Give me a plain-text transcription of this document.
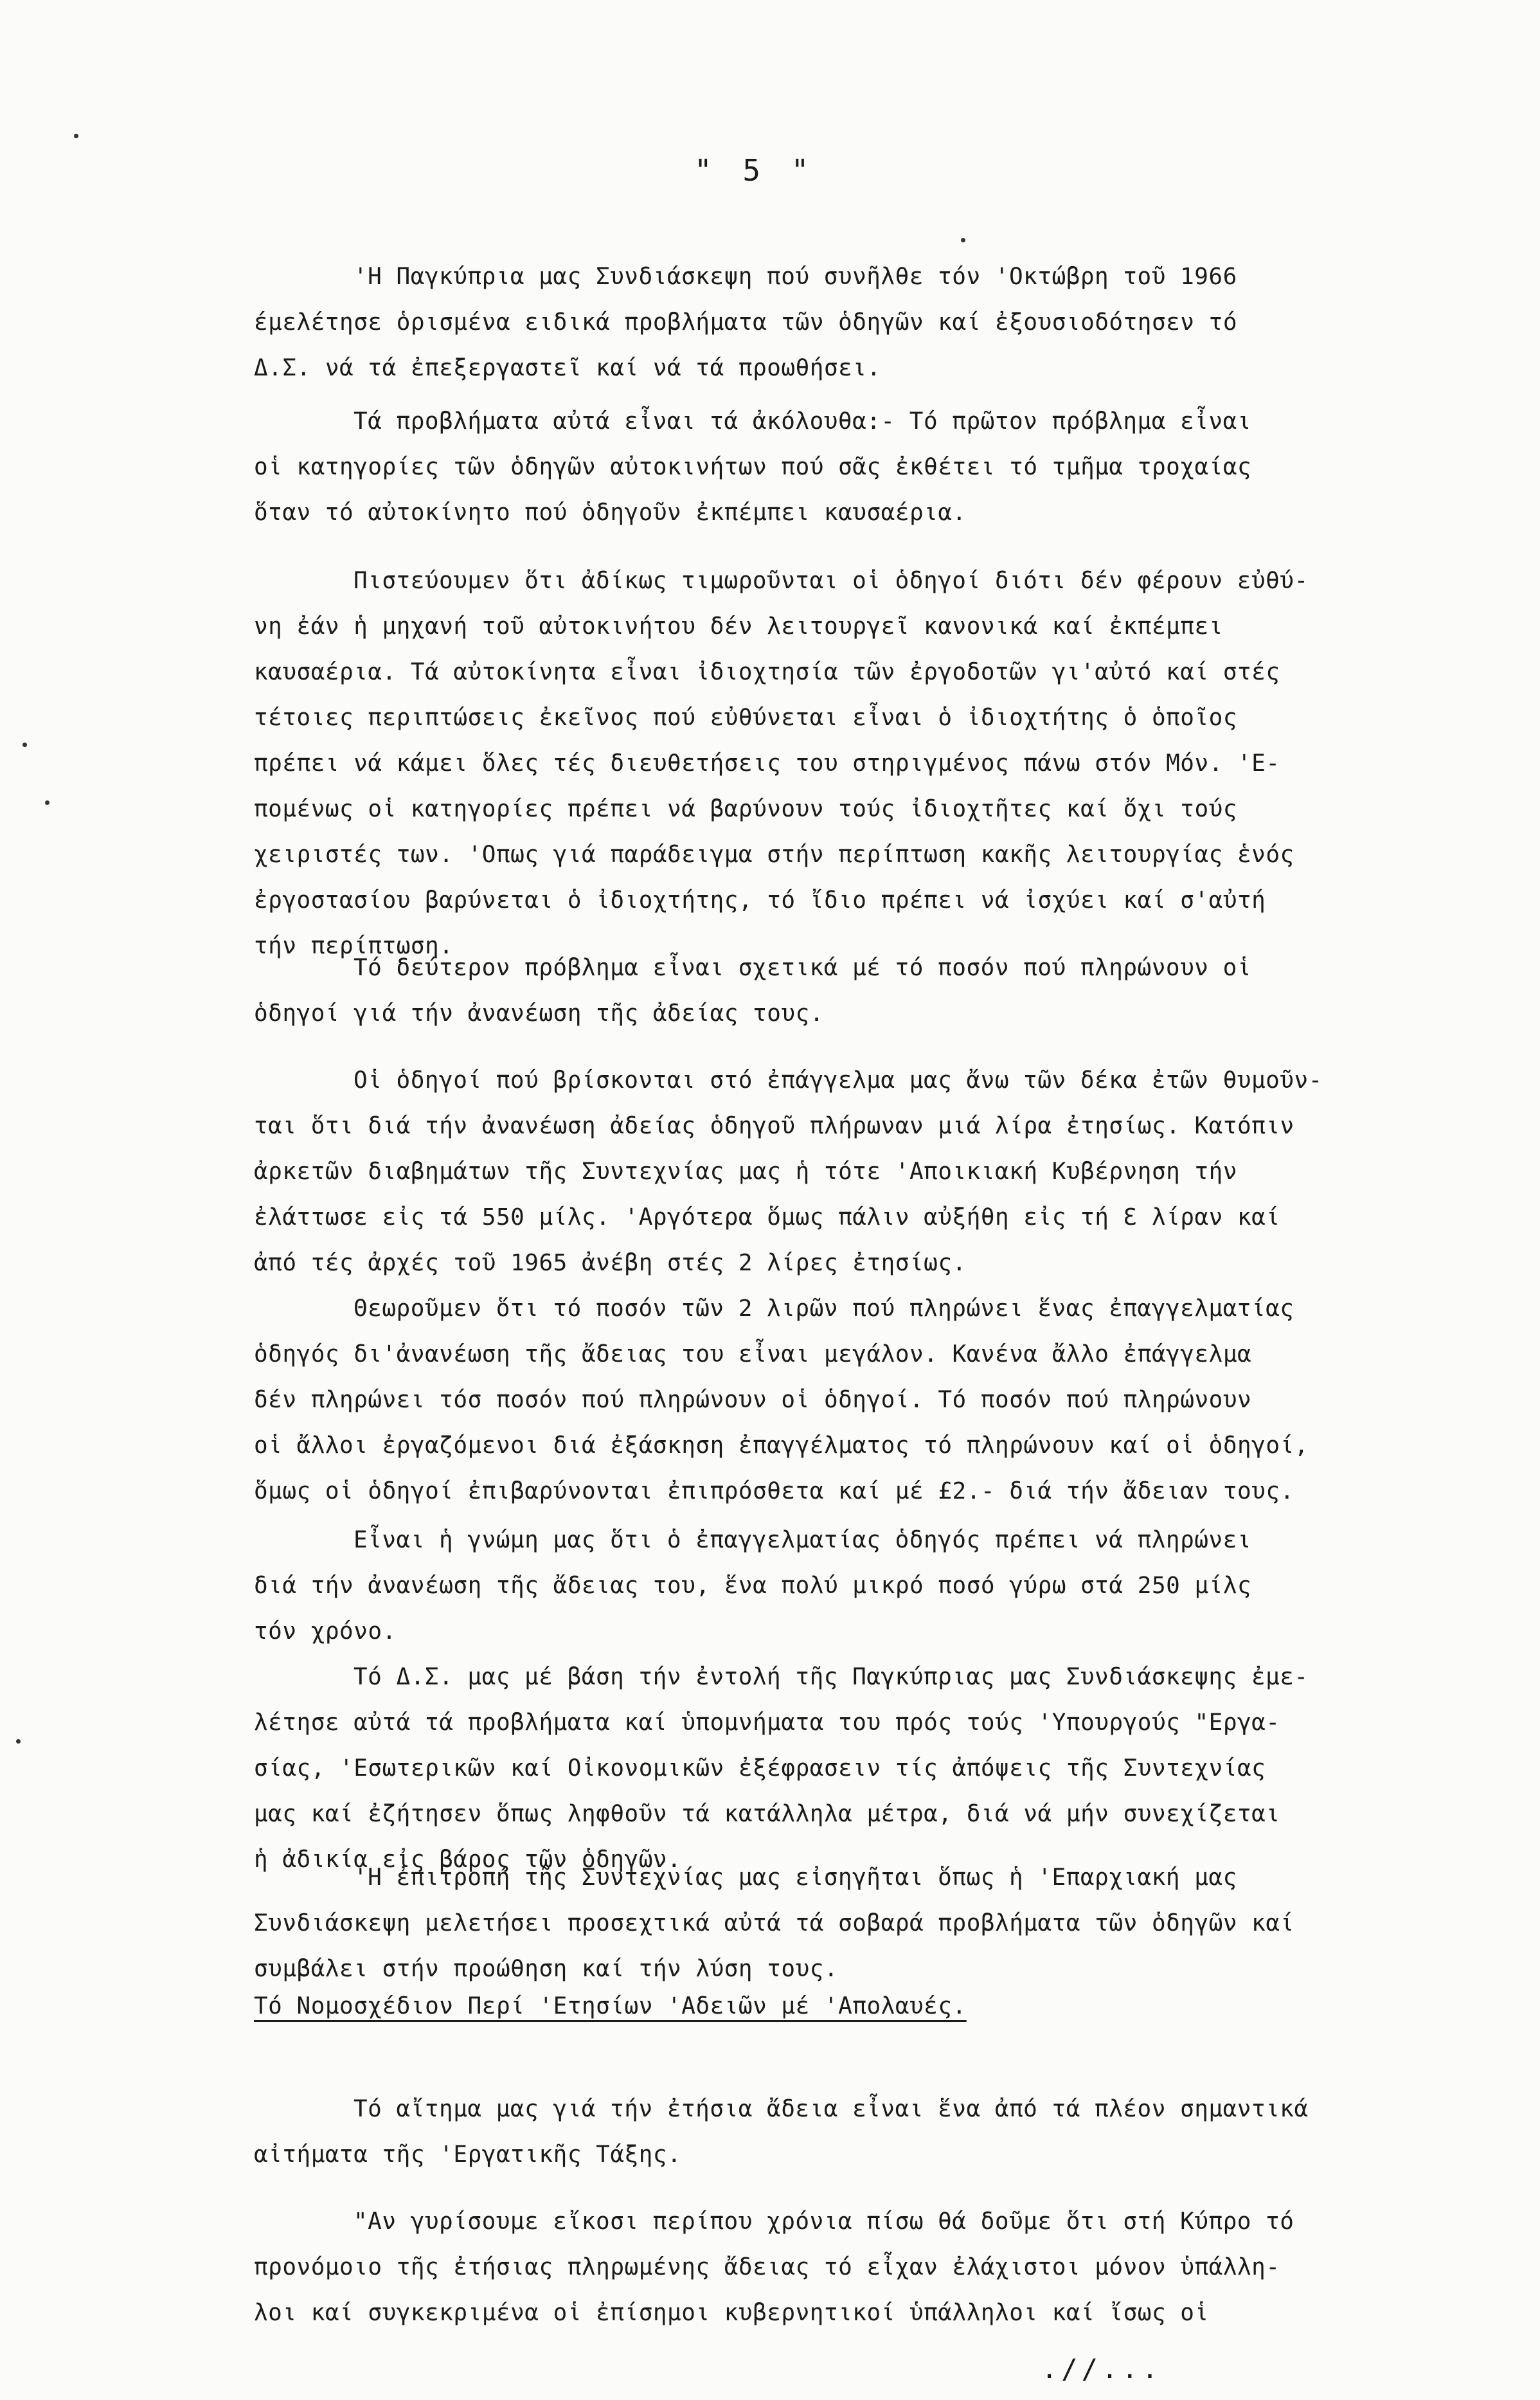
" 5 "
'Η Παγκύπρια μας Συνδιάσκεψη πού συνῆλθε τόν 'Οκτώβρη τοῦ 1966
έμελέτησε ὁρισμένα ειδικά προβλήματα τῶν ὁδηγῶν καί ἐξουσιοδότησεν τό
Δ.Σ. νά τά ἐπεξεργαστεῖ καί νά τά προωθήσει.
Τά προβλήματα αὐτά εἶναι τά ἀκόλουθα:- Τό πρῶτον πρόβλημα εἶναι
οἱ κατηγορίες τῶν ὁδηγῶν αὐτοκινήτων πού σᾶς ἐκθέτει τό τμῆμα τροχαίας
ὅταν τό αὐτοκίνητο πού ὁδηγοῦν ἐκπέμπει καυσαέρια.
Πιστεύουμεν ὅτι ἀδίκως τιμωροῦνται οἱ ὁδηγοί διότι δέν φέρουν εὐθύ-
νη ἐάν ἡ μηχανή τοῦ αὐτοκινήτου δέν λειτουργεῖ κανονικά καί ἐκπέμπει
καυσαέρια. Τά αὐτοκίνητα εἶναι ἰδιοχτησία τῶν ἐργοδοτῶν γι'αὐτό καί στές
τέτοιες περιπτώσεις ἐκεῖνος πού εὐθύνεται εἶναι ὁ ἰδιοχτήτης ὁ ὁποῖος
πρέπει νά κάμει ὅλες τές διευθετήσεις του στηριγμένος πάνω στόν Μόν. 'Ε-
πομένως οἱ κατηγορίες πρέπει νά βαρύνουν τούς ἰδιοχτῆτες καί ὄχι τούς
χειριστές των. 'Οπως γιά παράδειγμα στήν περίπτωση κακῆς λειτουργίας ἑνός
ἐργοστασίου βαρύνεται ὁ ἰδιοχτήτης, τό ἴδιο πρέπει νά ἰσχύει καί σ'αὐτή
τήν περίπτωση.
Τό δεύτερον πρόβλημα εἶναι σχετικά μέ τό ποσόν πού πληρώνουν οἱ
ὁδηγοί γιά τήν ἀνανέωση τῆς ἀδείας τους.
Οἱ ὁδηγοί πού βρίσκονται στό ἐπάγγελμα μας ἄνω τῶν δέκα ἐτῶν θυμοῦν-
ται ὅτι διά τήν ἀνανέωση ἀδείας ὁδηγοῦ πλήρωναν μιά λίρα ἐτησίως. Κατόπιν
ἀρκετῶν διαβημάτων τῆς Συντεχνίας μας ἡ τότε 'Αποικιακή Κυβέρνηση τήν
ἐλάττωσε εἰς τά 550 μίλς. 'Αργότερα ὅμως πάλιν αὐξήθη εἰς τή Ɛ λίραν καί
ἀπό τές ἀρχές τοῦ 1965 ἀνέβη στές 2 λίρες ἐτησίως.
Θεωροῦμεν ὅτι τό ποσόν τῶν 2 λιρῶν πού πληρώνει ἕνας ἐπαγγελματίας
ὁδηγός δι'ἀνανέωση τῆς ἄδειας του εἶναι μεγάλον. Κανένα ἄλλο ἐπάγγελμα
δέν πληρώνει τόσ ποσόν πού πληρώνουν οἱ ὁδηγοί. Τό ποσόν πού πληρώνουν
οἱ ἄλλοι ἐργαζόμενοι διά ἐξάσκηση ἐπαγγέλματος τό πληρώνουν καί οἱ ὁδηγοί,
ὅμως οἱ ὁδηγοί ἐπιβαρύνονται ἐπιπρόσθετα καί μέ £2.- διά τήν ἄδειαν τους.
Εἶναι ἡ γνώμη μας ὅτι ὁ ἐπαγγελματίας ὁδηγός πρέπει νά πληρώνει
διά τήν ἀνανέωση τῆς ἄδειας του, ἕνα πολύ μικρό ποσό γύρω στά 250 μίλς
τόν χρόνο.
Τό Δ.Σ. μας μέ βάση τήν ἐντολή τῆς Παγκύπριας μας Συνδιάσκεψης ἐμε-
λέτησε αὐτά τά προβλήματα καί ὑπομνήματα του πρός τούς 'Υπουργούς "Εργα-
σίας, 'Εσωτερικῶν καί Οἰκονομικῶν ἐξέφρασειν τίς ἀπόψεις τῆς Συντεχνίας
μας καί ἐζήτησεν ὅπως ληφθοῦν τά κατάλληλα μέτρα, διά νά μήν συνεχίζεται
ἡ ἀδικία εἰς βάρος τῶν ὁδηγῶν.
'Η ἐπιτροπή τῆς Συντεχνίας μας εἰσηγῆται ὅπως ἡ 'Επαρχιακή μας
Συνδιάσκεψη μελετήσει προσεχτικά αὐτά τά σοβαρά προβλήματα τῶν ὁδηγῶν καί
συμβάλει στήν προώθηση καί τήν λύση τους.
Τό Νομοσχέδιον Περί 'Ετησίων 'Αδειῶν μέ 'Απολαυές.
Τό αἴτημα μας γιά τήν ἐτήσια ἄδεια εἶναι ἕνα ἀπό τά πλέον σημαντικά
αἰτήματα τῆς 'Εργατικῆς Τάξης.
"Αν γυρίσουμε εἴκοσι περίπου χρόνια πίσω θά δοῦμε ὅτι στή Κύπρο τό
προνόμοιο τῆς ἐτήσιας πληρωμένης ἄδειας τό εἶχαν ἐλάχιστοι μόνον ὑπάλλη-
λοι καί συγκεκριμένα οἱ ἐπίσημοι κυβερνητικοί ὑπάλληλοι καί ἴσως οἱ
.//...
